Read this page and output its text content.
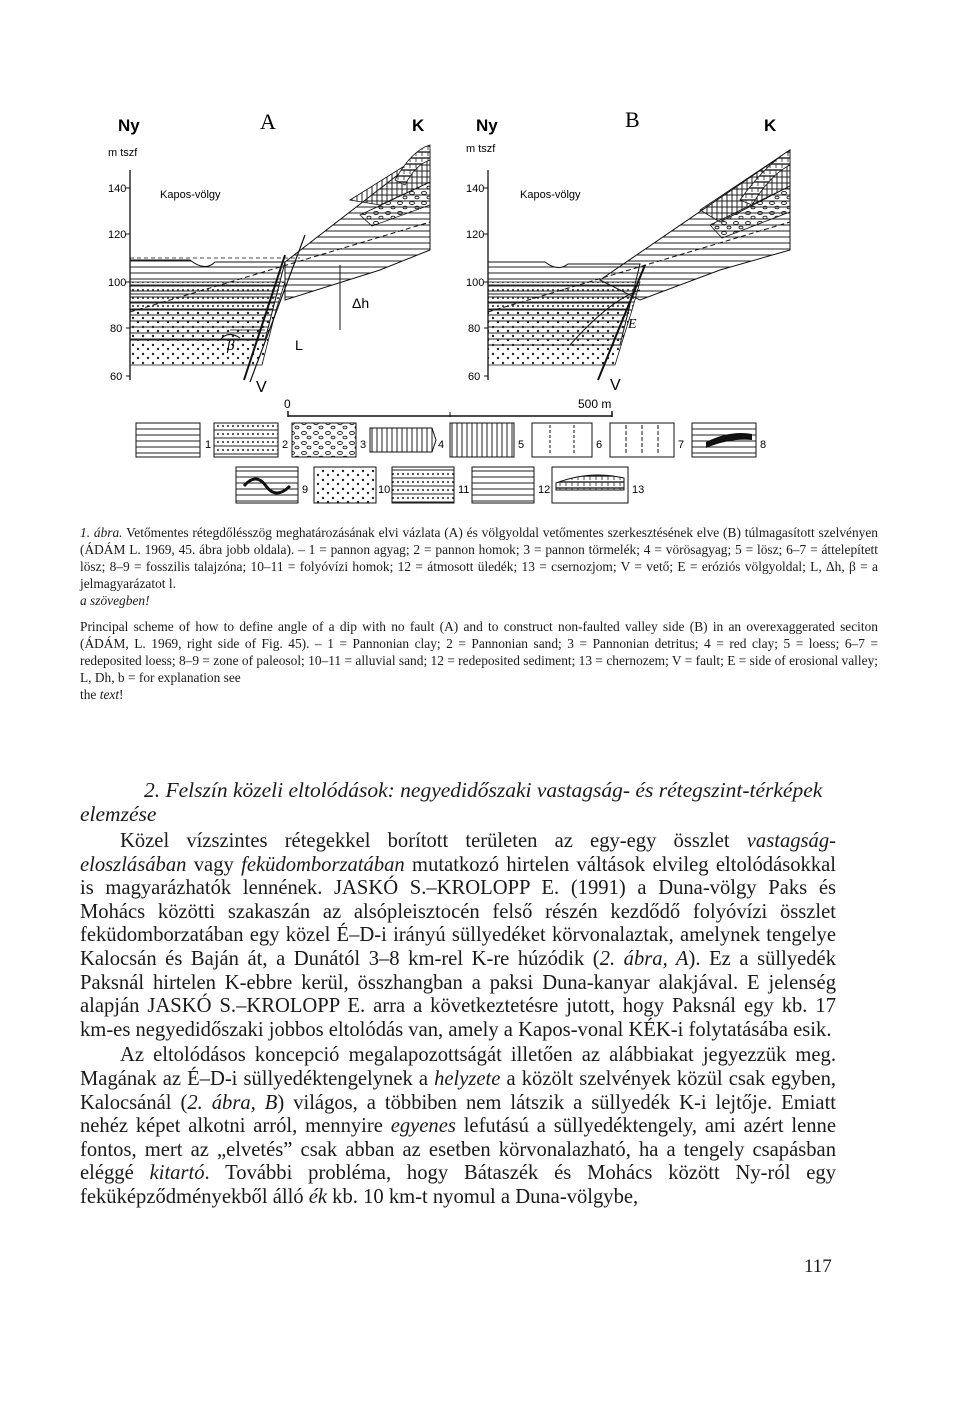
Ny	A	K
m tszf
Kapos-völgy
140
120
100
80
60
Δh
β	L
V
Ny	B	K
m tszf
Kapos-völgy
140
120
100
80
60
E
V
0	500 m
1	2	3	4	5	6	7	8
9	10	11	12	13

1. ábra. Vetőmentes rétegdőlésszög meghatározásának elvi vázlata (A) és völgyoldal vetőmentes szerkesztésének elve (B) túlmagasított szelvényen (ÁDÁM L. 1969, 45. ábra jobb oldala). – 1 = pannon agyag; 2 = pannon homok; 3 = pannon törmelék; 4 = vörösagyag; 5 = lösz; 6–7 = áttelepített lösz; 8–9 = fosszilis talajzóna; 10–11 = folyóvízi homok; 12 = átmosott üledék; 13 = csernozjom; V = vető; E = eróziós völgyoldal; L, Δh, β = a jelmagyarázatot l.

a szövegben!

Principal scheme of how to define angle of a dip with no fault (A) and to construct non-faulted valley side (B) in an overexaggerated seciton (ÁDÁM, L. 1969, right side of Fig. 45). – 1 = Pannonian clay; 2 = Pannonian sand; 3 = Pannonian detritus; 4 = red clay; 5 = loess; 6–7 = redeposited loess; 8–9 = zone of paleosol; 10–11 = alluvial sand; 12 = redeposited sediment; 13 = chernozem; V = fault; E = side of erosional valley; L, Dh, b = for explanation see

the text!

2. Felszín közeli eltolódások: negyedidőszaki vastagság- és rétegszint-térképek
elemzése

Közel vízszintes rétegekkel borított területen az egy-egy összlet vastagság-eloszlásában vagy feküdomborzatában mutatkozó hirtelen váltások elvileg eltolódásokkal is magyarázhatók lennének. JASKÓ S.–KROLOPP E. (1991) a Duna-völgy Paks és Mohács közötti szakaszán az alsópleisztocén felső részén kezdődő folyóvízi összlet feküdomborzatában egy közel É–D-i irányú süllyedéket körvonalaztak, amelynek tengelye Kalocsán és Baján át, a Dunától 3–8 km-rel K-re húzódik (2. ábra, A). Ez a süllyedék Paksnál hirtelen K-ebbre kerül, összhangban a paksi Duna-kanyar alakjával. E jelenség alapján JASKÓ S.–KROLOPP E. arra a következtetésre jutott, hogy Paksnál egy kb. 17 km-es negyedidőszaki jobbos eltolódás van, amely a Kapos-vonal KÉK-i folytatásába esik.

Az eltolódásos koncepció megalapozottságát illetően az alábbiakat jegyezzük meg. Magának az É–D-i süllyedéktengelynek a helyzete a közölt szelvények közül csak egyben, Kalocsánál (2. ábra, B) világos, a többiben nem látszik a süllyedék K-i lejtője. Emiatt nehéz képet alkotni arról, mennyire egyenes lefutású a süllyedéktengely, ami azért lenne fontos, mert az „elvetés” csak abban az esetben körvonalazható, ha a tengely csapásban eléggé kitartó. További probléma, hogy Bátaszék és Mohács között Ny-ról egy feküképződményekből álló ék kb. 10 km-t nyomul a Duna-völgybe,

117
